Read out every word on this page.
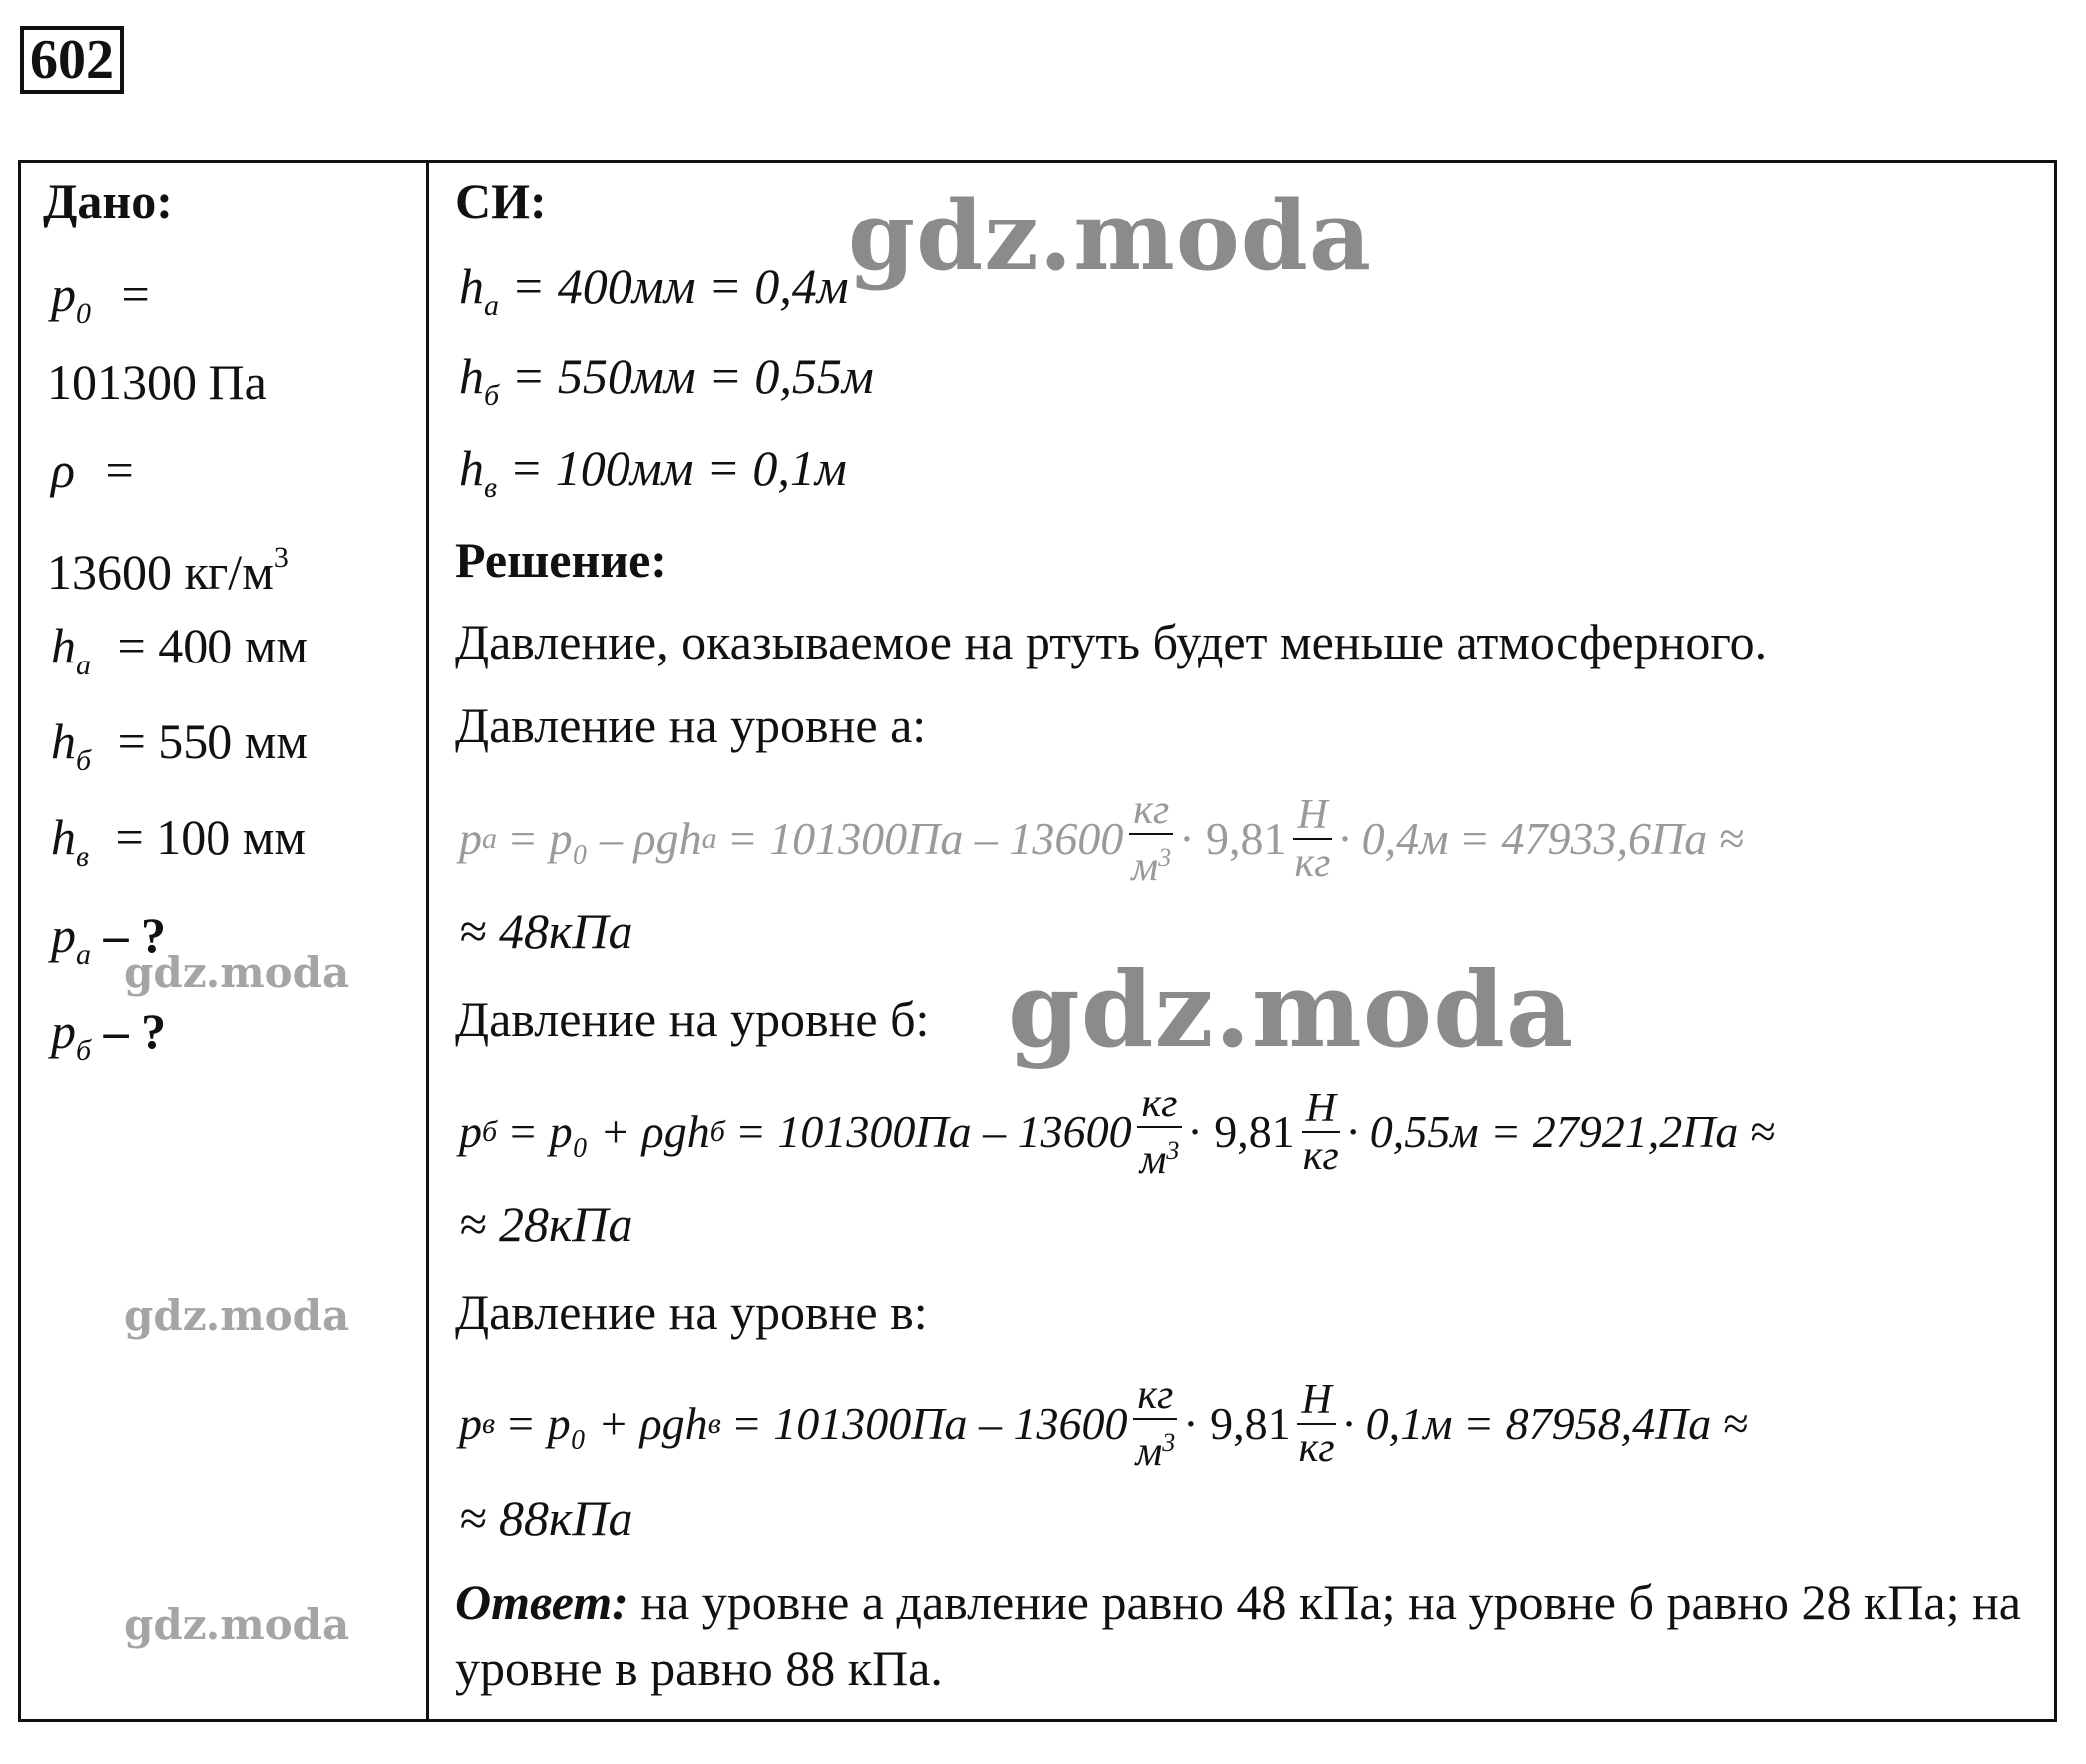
602
Дано:
$p_0$ =
101300 Па
ρ =
13600 $кг/м^3$
$h_а = 400$ мм
$h_б = 550$ мм
$h_в = 100$ мм
$p_а$ – ?
$p_б$ – ?
СИ:
$h_а = 400мм = 0,4м$
$h_б = 550мм = 0,55м$
$h_в = 100мм = 0,1м$
Решение:
Давление, оказываемое на ртуть будет меньше атмосферного.
Давление на уровне а:
p а = p₀ – ρgh $а = 101300Па - 13600 \frac{кг}{м^3} \cdot 9,81 \frac{Н}{кг} \cdot 0,4м = 47933,6Па$ ≈
≈ 48кПа
Давление на уровне б:
p б = p₀ + ρgh $б = 101300Па - 13600 \frac{кг}{м^3} \cdot 9,81 \frac{Н}{кг} \cdot 0,55м = 27921,2Па$ ≈
≈ 28кПа
Давление на уровне в:
p в = p₀ + ρgh $в = 101300Па - 13600 \frac{кг}{м^3} \cdot 9,81 \frac{Н}{кг} \cdot 0,1м = 87958,4Па$ ≈
≈ 88кПа
Ответ: на уровне а давление равно 48 кПа; на уровне б равно 28 кПа; на уровне в равно 88 кПа.
gdz.moda
gdz.moda
gdz.moda
gdz.moda
gdz.moda
